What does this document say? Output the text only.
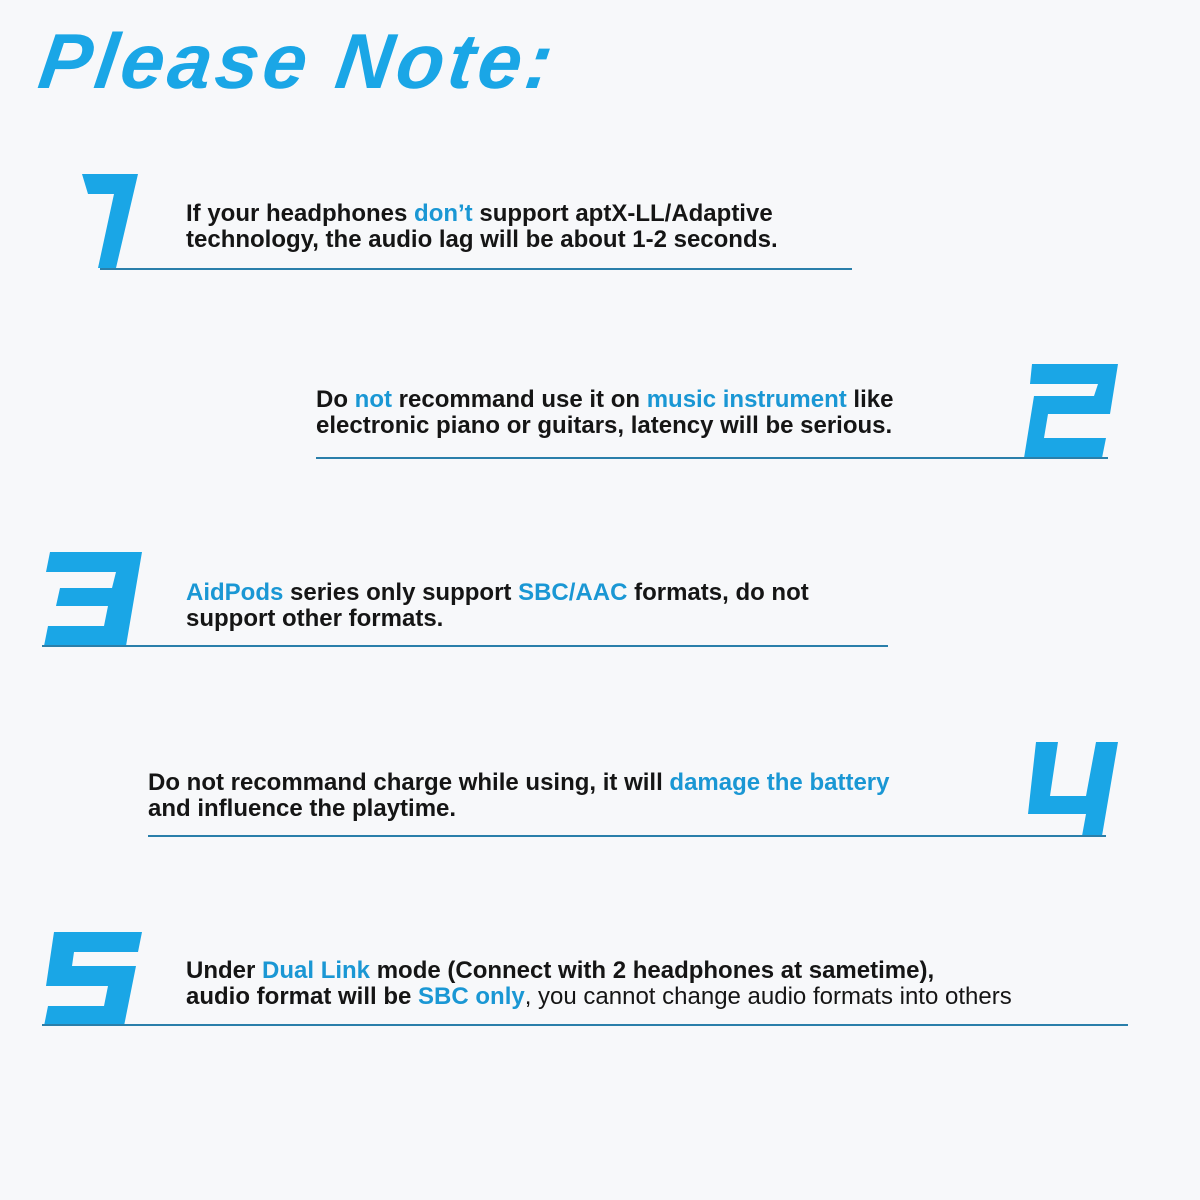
Please Note:
If your headphones don’t support aptX-LL/Adaptive
technology, the audio lag will be about 1-2 seconds.
Do not recommand use it on music instrument like
electronic piano or guitars, latency will be serious.
AidPods series only support SBC/AAC formats, do not
support other formats.
Do not recommand charge while using, it will damage the battery
and influence the playtime.
Under Dual Link mode (Connect with 2 headphones at sametime),
audio format will be SBC only, you cannot change audio formats into others
